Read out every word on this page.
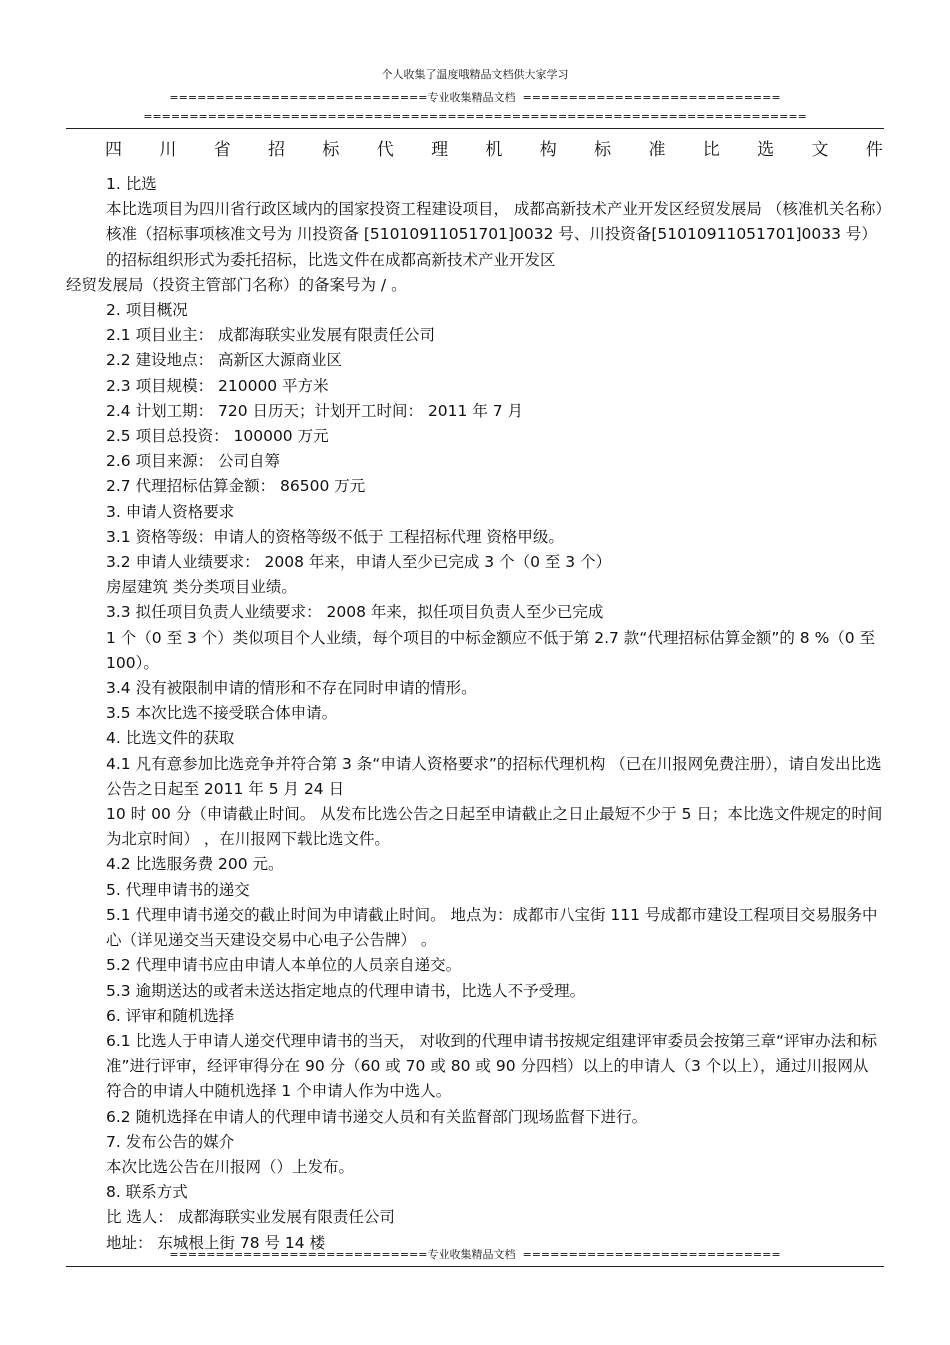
个人收集了温度哦精品文档供大家学习
============================专业收集精品文档  ============================
========================================================================
四 川 省 招 标 代 理 机 构 标 准 比 选 文 件

1. 比选

本比选项目为四川省行政区域内的国家投资工程建设项目， 成都高新技术产业开发区经贸发展局 （核准机关名称）核准（招标事项核准文号为 川投资备 [51010911051701]0032 号、川投资备[51010911051701]0033 号）的招标组织形式为委托招标，比选文件在成都高新技术产业开发区

经贸发展局（投资主管部门名称）的备案号为 / 。

2. 项目概况

2.1 项目业主： 成都海联实业发展有限责任公司

2.2 建设地点： 高新区大源商业区

2.3 项目规模： 210000 平方米

2.4 计划工期： 720 日历天；计划开工时间： 2011 年 7 月

2.5 项目总投资： 100000 万元

2.6 项目来源： 公司自筹

2.7 代理招标估算金额： 86500 万元

3. 申请人资格要求

3.1 资格等级：申请人的资格等级不低于 工程招标代理 资格甲级。

3.2 申请人业绩要求： 2008 年来，申请人至少已完成 3 个（0 至 3 个）

房屋建筑 类分类项目业绩。

3.3 拟任项目负责人业绩要求： 2008 年来，拟任项目负责人至少已完成

1 个（0 至 3 个）类似项目个人业绩，每个项目的中标金额应不低于第 2.7 款“代理招标估算金额”的 8 %（0 至 100）。

3.4 没有被限制申请的情形和不存在同时申请的情形。

3.5 本次比选不接受联合体申请。

4. 比选文件的获取

4.1 凡有意参加比选竞争并符合第 3 条“申请人资格要求”的招标代理机构 （已在川报网免费注册），请自发出比选公告之日起至 2011 年 5 月 24 日

10 时 00 分（申请截止时间。 从发布比选公告之日起至申请截止之日止最短不少于 5 日；本比选文件规定的时间为北京时间） ，在川报网下载比选文件。

4.2 比选服务费 200 元。

5. 代理申请书的递交

5.1 代理申请书递交的截止时间为申请截止时间。 地点为：成都市八宝街 111 号成都市建设工程项目交易服务中心（详见递交当天建设交易中心电子公告牌） 。

5.2 代理申请书应由申请人本单位的人员亲自递交。

5.3 逾期送达的或者未送达指定地点的代理申请书，比选人不予受理。

6. 评审和随机选择

6.1 比选人于申请人递交代理申请书的当天， 对收到的代理申请书按规定组建评审委员会按第三章“评审办法和标准”进行评审，经评审得分在 90 分（60 或 70 或 80 或 90 分四档）以上的申请人（3 个以上），通过川报网从符合的申请人中随机选择 1 个申请人作为中选人。

6.2 随机选择在申请人的代理申请书递交人员和有关监督部门现场监督下进行。

7. 发布公告的媒介

本次比选公告在川报网（）上发布。

8. 联系方式

比 选人： 成都海联实业发展有限责任公司

地址： 东城根上街 78 号 14 楼

============================专业收集精品文档  ============================
